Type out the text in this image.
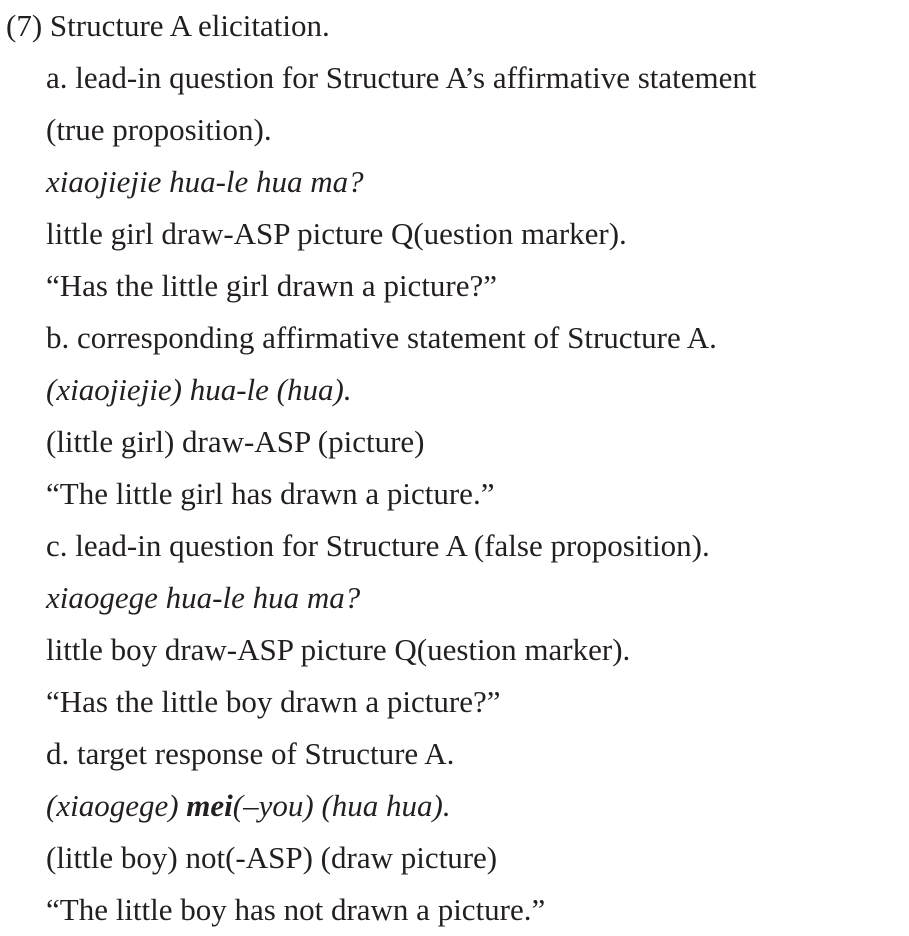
(7) Structure A elicitation.
a. lead-in question for Structure A’s affirmative statement
(true proposition).
xiaojiejie hua-le hua ma?
little girl draw-ASP picture Q(uestion marker).
“Has the little girl drawn a picture?”
b. corresponding affirmative statement of Structure A.
(xiaojiejie) hua-le (hua).
(little girl) draw-ASP (picture)
“The little girl has drawn a picture.”
c. lead-in question for Structure A (false proposition).
xiaogege hua-le hua ma?
little boy draw-ASP picture Q(uestion marker).
“Has the little boy drawn a picture?”
d. target response of Structure A.
(xiaogege) mei(–you) (hua hua).
(little boy) not(-ASP) (draw picture)
“The little boy has not drawn a picture.”
